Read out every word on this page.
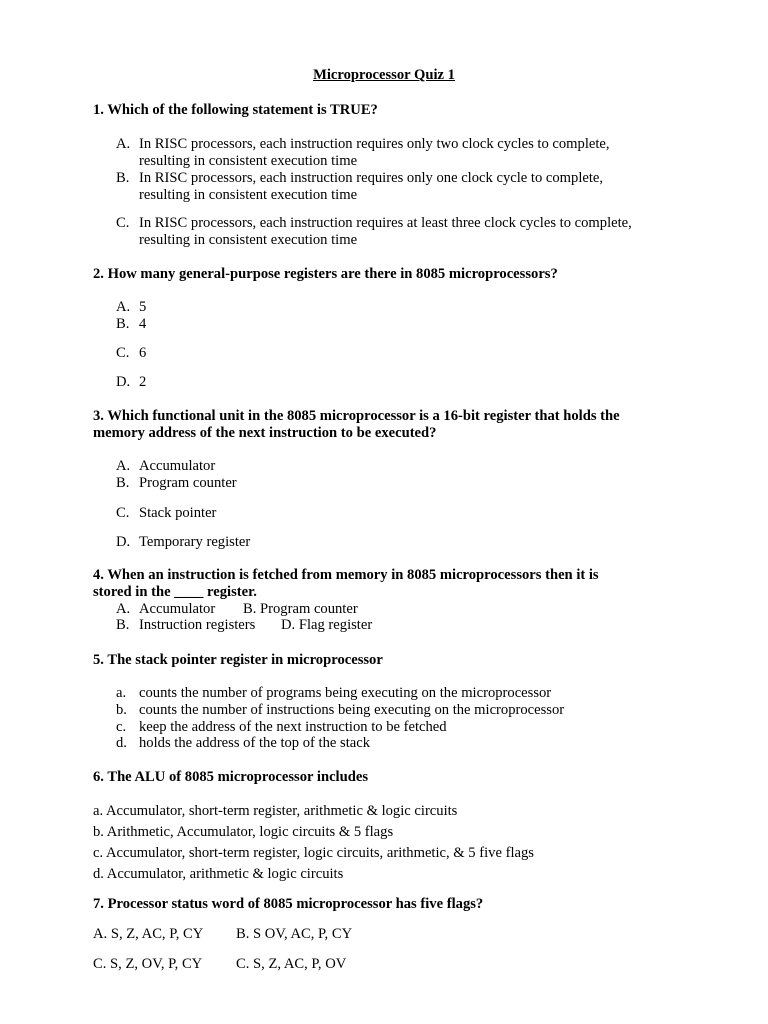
Microprocessor Quiz 1
1. Which of the following statement is TRUE?
A. In RISC processors, each instruction requires only two clock cycles to complete,
resulting in consistent execution time
B. In RISC processors, each instruction requires only one clock cycle to complete,
resulting in consistent execution time
C. In RISC processors, each instruction requires at least three clock cycles to complete,
resulting in consistent execution time
2. How many general-purpose registers are there in 8085 microprocessors?
A. 5
B. 4
C. 6
D. 2
3. Which functional unit in the 8085 microprocessor is a 16-bit register that holds the
memory address of the next instruction to be executed?
A. Accumulator
B. Program counter
C. Stack pointer
D. Temporary register
4. When an instruction is fetched from memory in 8085 microprocessors then it is
stored in the ____ register.
A. Accumulator B. Program counter
B. Instruction registers D. Flag register
5. The stack pointer register in microprocessor
a. counts the number of programs being executing on the microprocessor
b. counts the number of instructions being executing on the microprocessor
c. keep the address of the next instruction to be fetched
d. holds the address of the top of the stack
6. The ALU of 8085 microprocessor includes
a. Accumulator, short-term register, arithmetic & logic circuits
b. Arithmetic, Accumulator, logic circuits & 5 flags
c. Accumulator, short-term register, logic circuits, arithmetic, & 5 five flags
d. Accumulator, arithmetic & logic circuits
7. Processor status word of 8085 microprocessor has five flags?
A. S, Z, AC, P, CY B. S OV, AC, P, CY
C. S, Z, OV, P, CY C. S, Z, AC, P, OV
